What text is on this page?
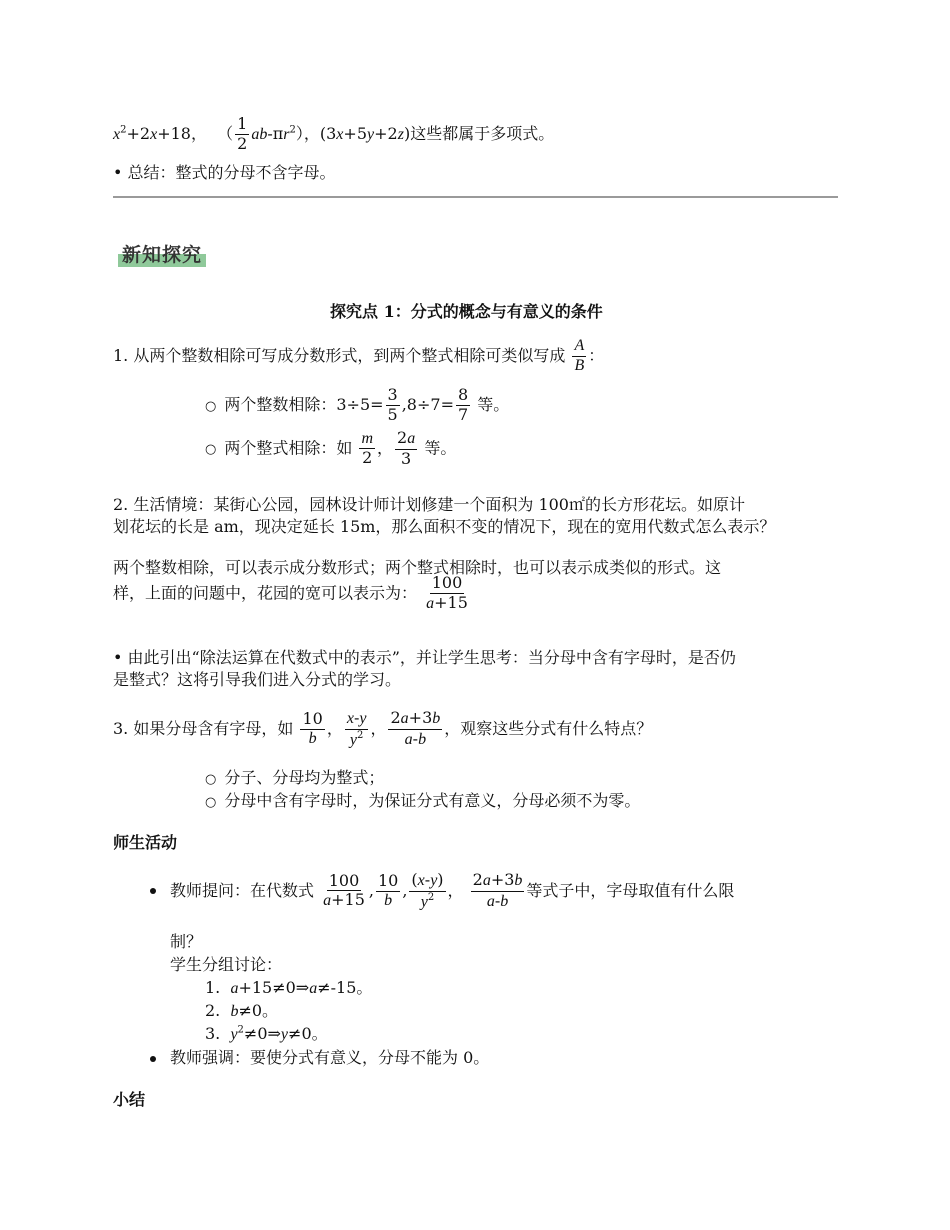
$x^2+2x+18$，  （ $\frac{1}{2} ab-\pi r^2$），(3x+5y+2z)这些都属于多项式。
• 总结：整式的分母不含字母。
新知探究
探究点 1：分式的概念与有意义的条件
1. 从两个整数相除可写成分数形式，到两个整式相除可类似写成 $\frac{A}{B}$ ：
○ 两个整数相除：$3\div 5= \frac{3}{5} ,8\div 7= \frac{8}{7}$ 等。
○ 两个整式相除：如 $\frac{m}{2}$ ， $\frac{2a}{3}$ 等。
2. 生活情境：某街心公园，园林设计师计划修建一个面积为 100㎡的长方形花坛。如原计
划花坛的长是 am，现决定延长 15m，那么面积不变的情况下，现在的宽用代数式怎么表示？
两个整数相除，可以表示成分数形式；两个整式相除时，也可以表示成类似的形式。这
样，上面的问题中，花园的宽可以表示为： $\frac{100}{a+15}$
• 由此引出“除法运算在代数式中的表示”，并让学生思考：当分母中含有字母时，是否仍
是整式？这将引导我们进入分式的学习。
3. 如果分母含有字母，如 $\frac{10}{b}$ ， $\frac{x-y}{y^2}$ ， $\frac{2a+3b}{a-b}$ ，观察这些分式有什么特点？
○ 分子、分母均为整式；
○ 分母中含有字母时，为保证分式有意义，分母必须不为零。
师生活动
教师提问：在代数式 $\frac{100}{a+15}$ , $\frac{10}{b}$ , $\frac{(x-y)}{y^2}$ ， $\frac{2a+3b}{a-b}$ 等式子中，字母取值有什么限
制？
学生分组讨论：
1.  a+15≠0⇒a≠-15。
2.  b≠0。
3.  $y^2\ne 0\Rightarrow y\ne 0$。
教师强调：要使分式有意义，分母不能为 0。
小结
